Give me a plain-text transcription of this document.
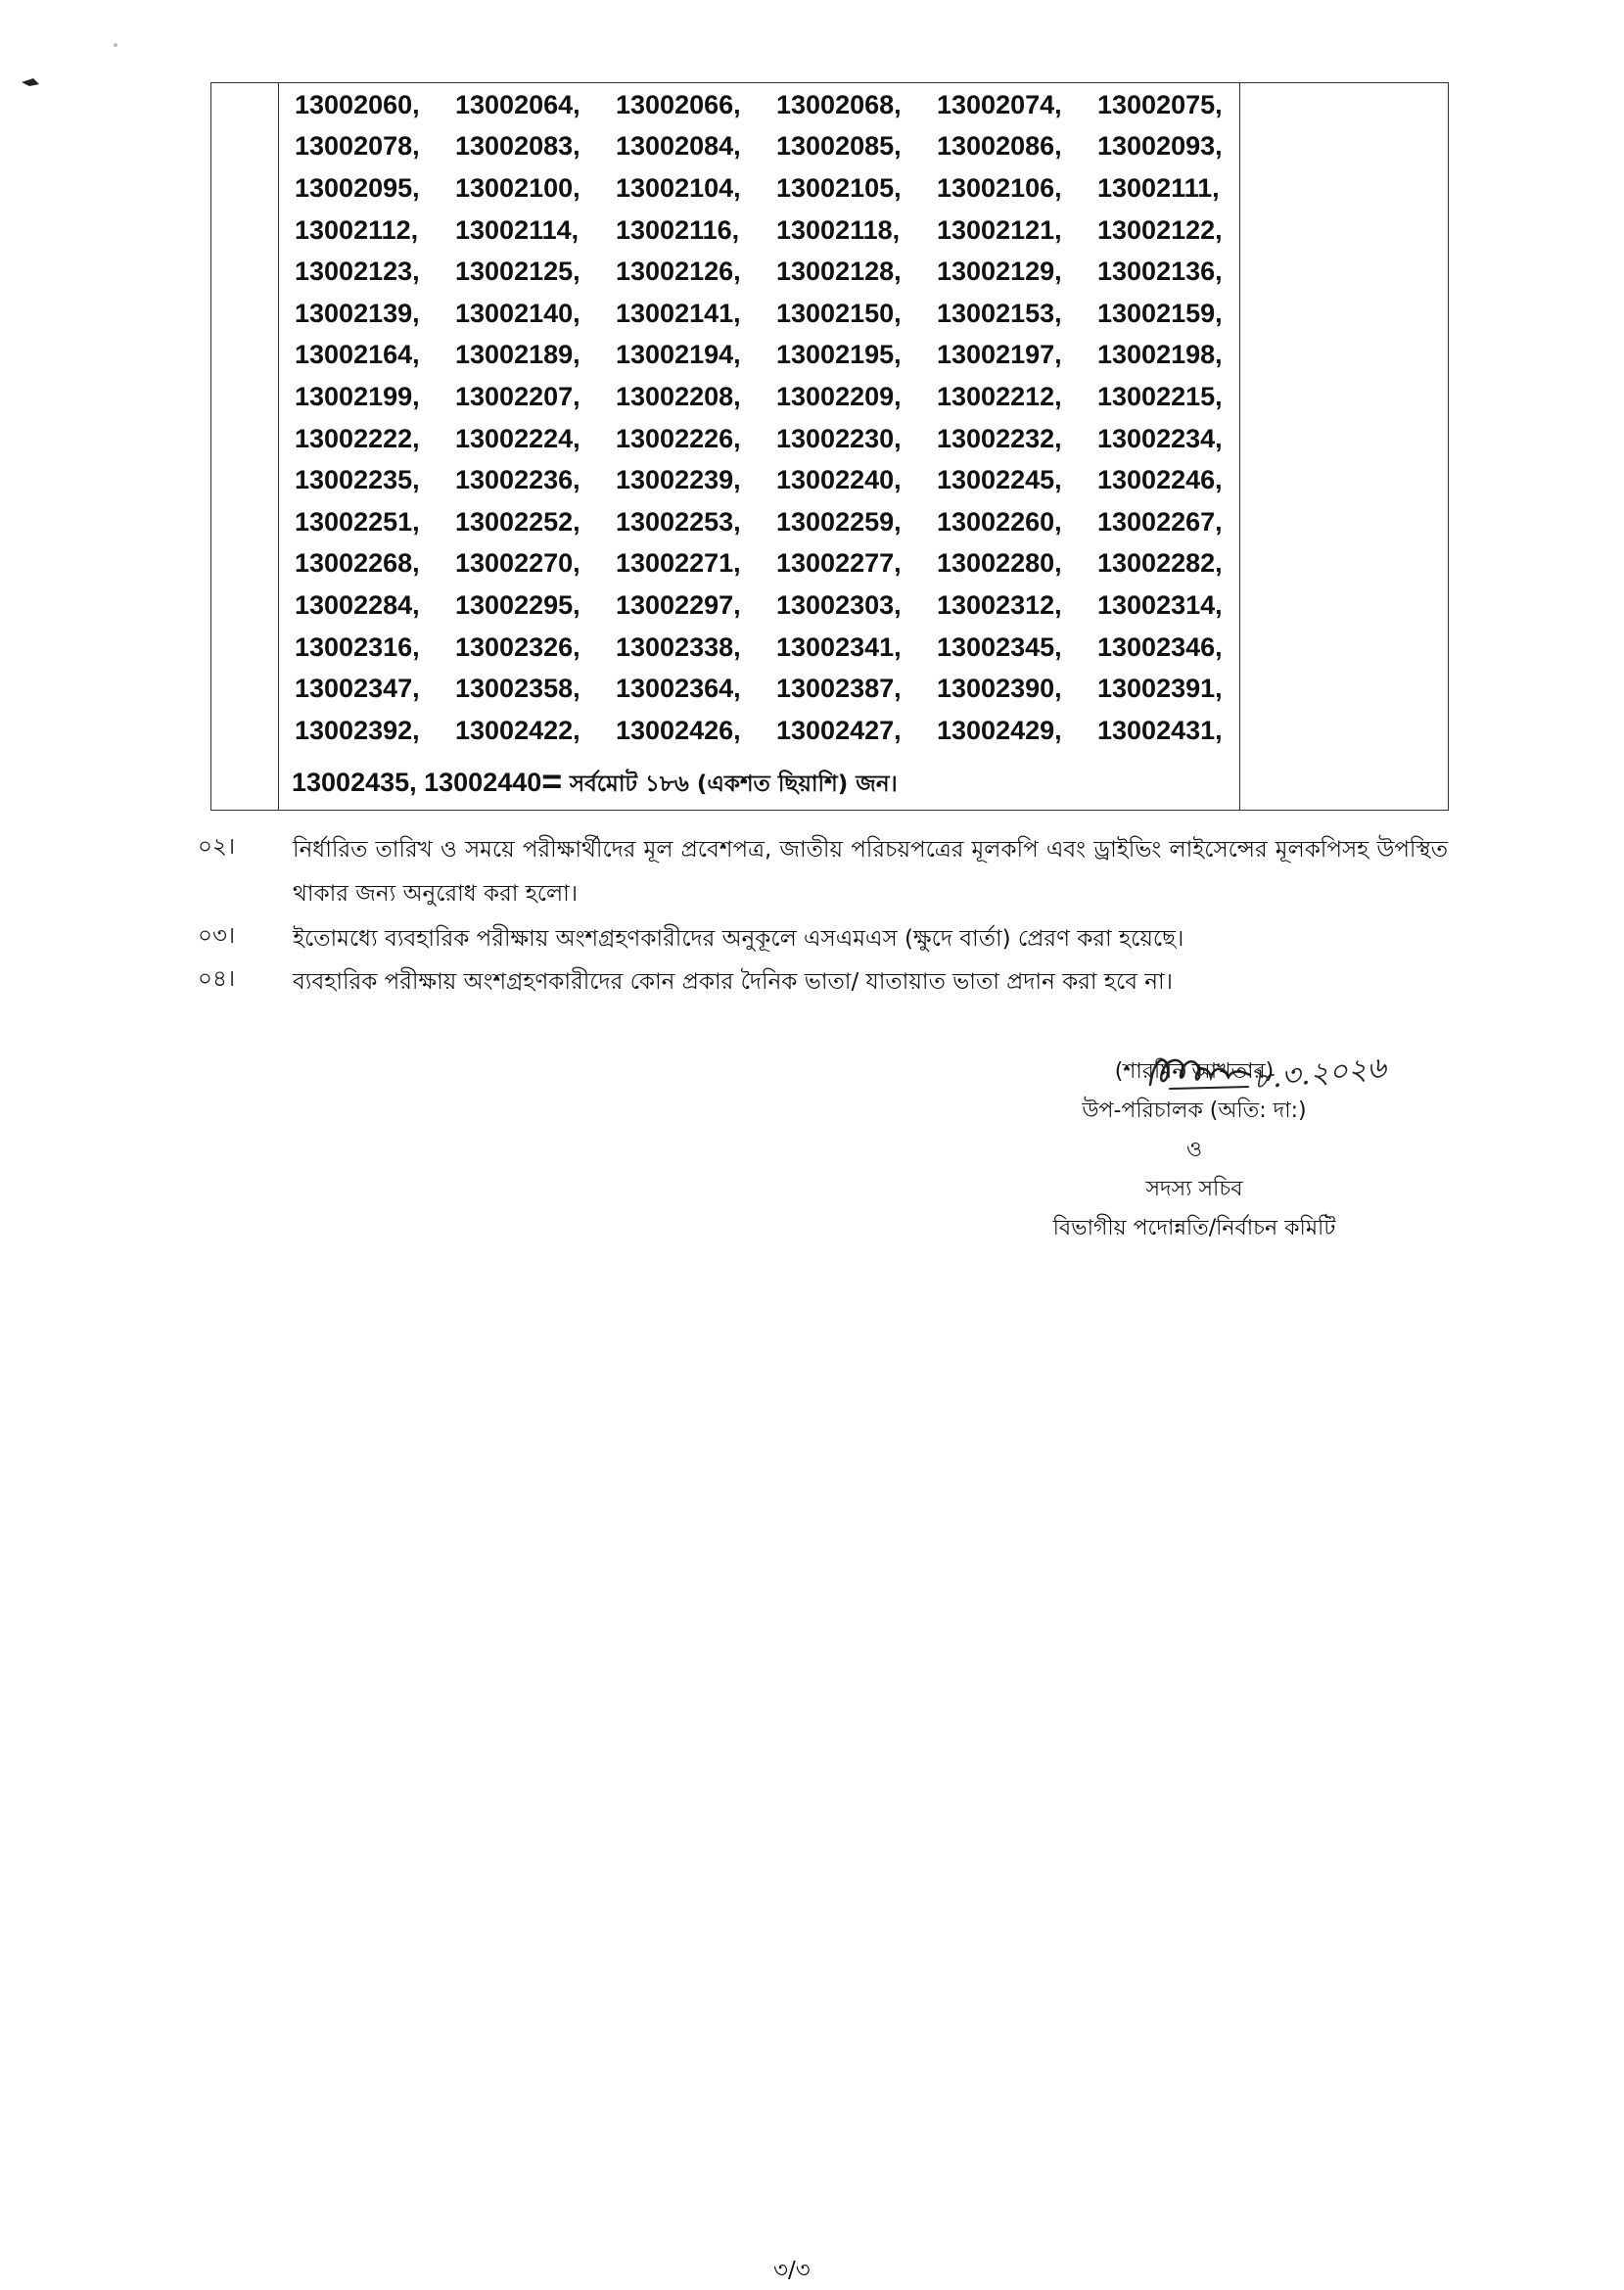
13002060,	13002064,	13002066,	13002068,	13002074,	13002075,
13002078,	13002083,	13002084,	13002085,	13002086,	13002093,
13002095,	13002100,	13002104,	13002105,	13002106,	13002111,
13002112,	13002114,	13002116,	13002118,	13002121,	13002122,
13002123,	13002125,	13002126,	13002128,	13002129,	13002136,
13002139,	13002140,	13002141,	13002150,	13002153,	13002159,
13002164,	13002189,	13002194,	13002195,	13002197,	13002198,
13002199,	13002207,	13002208,	13002209,	13002212,	13002215,
13002222,	13002224,	13002226,	13002230,	13002232,	13002234,
13002235,	13002236,	13002239,	13002240,	13002245,	13002246,
13002251,	13002252,	13002253,	13002259,	13002260,	13002267,
13002268,	13002270,	13002271,	13002277,	13002280,	13002282,
13002284,	13002295,	13002297,	13002303,	13002312,	13002314,
13002316,	13002326,	13002338,	13002341,	13002345,	13002346,
13002347,	13002358,	13002364,	13002387,	13002390,	13002391,
13002392,	13002422,	13002426,	13002427,	13002429,	13002431,
13002435, 13002440= সর্বমোট ১৮৬ (একশত ছিয়াশি) জন।
০২।	নির্ধারিত তারিখ ও সময়ে পরীক্ষার্থীদের মূল প্রবেশপত্র, জাতীয় পরিচয়পত্রের মূলকপি এবং ড্রাইভিং লাইসেন্সের মূলকপিসহ উপস্থিত থাকার জন্য অনুরোধ করা হলো।
০৩।	ইতোমধ্যে ব্যবহারিক পরীক্ষায় অংশগ্রহণকারীদের অনুকূলে এসএমএস (ক্ষুদে বার্তা) প্রেরণ করা হয়েছে।
০৪।	ব্যবহারিক পরীক্ষায় অংশগ্রহণকারীদের কোন প্রকার দৈনিক ভাতা/ যাতায়াত ভাতা প্রদান করা হবে না।
৮.৩.২০২৬
(শারমিন আখতার)
উপ-পরিচালক (অতি: দা:)
ও
সদস্য সচিব
বিভাগীয় পদোন্নতি/নির্বাচন কমিটি
৩/৩
